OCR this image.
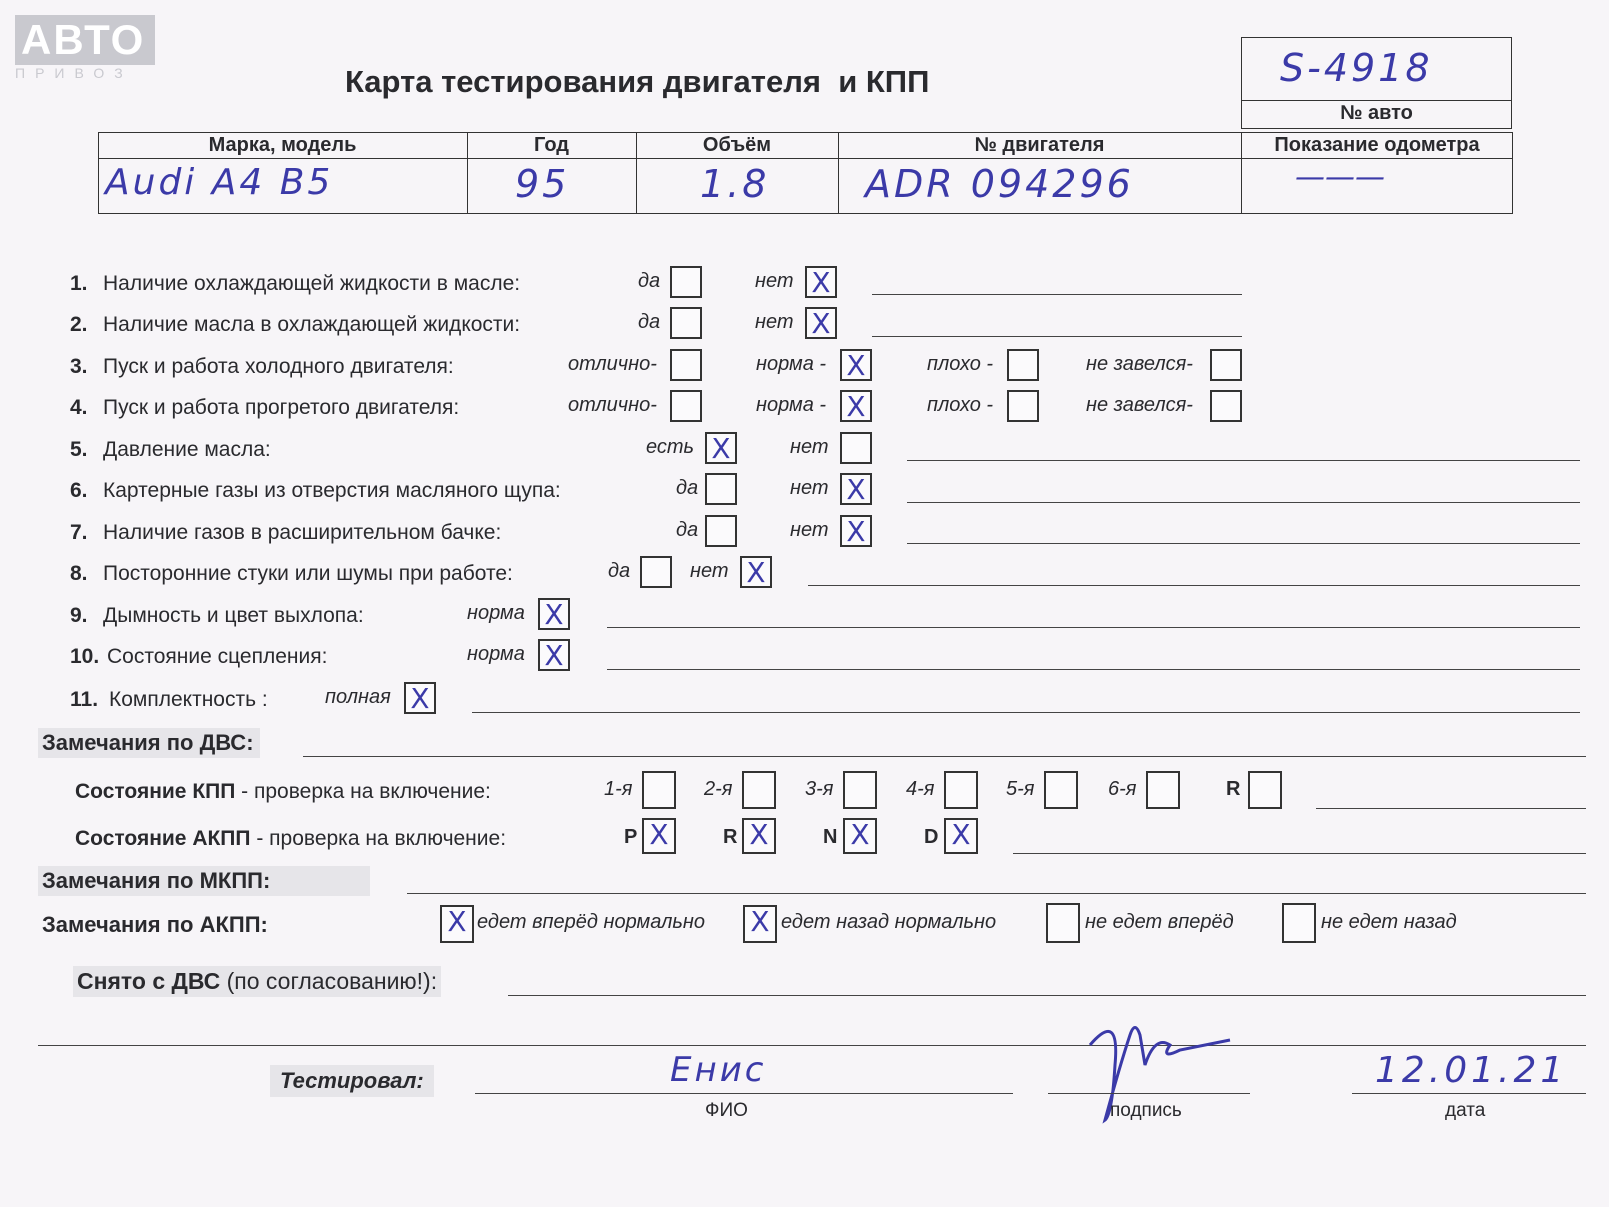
АВТО
ПРИВОЗ	Карта тестирования двигателя  и КПП	S-4918
№ авто
Марка, модель	Год	Объём	№ двигателя	Показание одометра
Audi A4 B5	95	1.8	ADR 094296	———
1. Наличие охлаждающей жидкости в масле:	да	нет X
2. Наличие масла в охлаждающей жидкости:	да	нет X
3. Пуск и работа холодного двигателя:	отлично-	норма - X	плохо -	не завелся-
4. Пуск и работа прогретого двигателя:	отлично-	норма - X	плохо -	не завелся-
5. Давление масла:	есть X	нет
6. Картерные газы из отверстия масляного щупа:	да	нет X
7. Наличие газов в расширительном бачке:	да	нет X
8. Посторонние стуки или шумы при работе:	да	нет X
9. Дымность и цвет выхлопа:	норма X
10. Состояние сцепления:	норма X
11. Комплектность :	полная X
Замечания по ДВС:
Состояние КПП - проверка на включение:	1-я	2-я	3-я	4-я	5-я	6-я	R
Состояние АКПП - проверка на включение:	P X	R X	N X	D X
Замечания по МКПП:
Замечания по АКПП:	X едет вперёд нормально X едет назад нормально	не едет вперёд	не едет назад
Снято с ДВС (по согласованию!):
Тестировал:	Енис
ФИО	подпись
12.01.21
дата
